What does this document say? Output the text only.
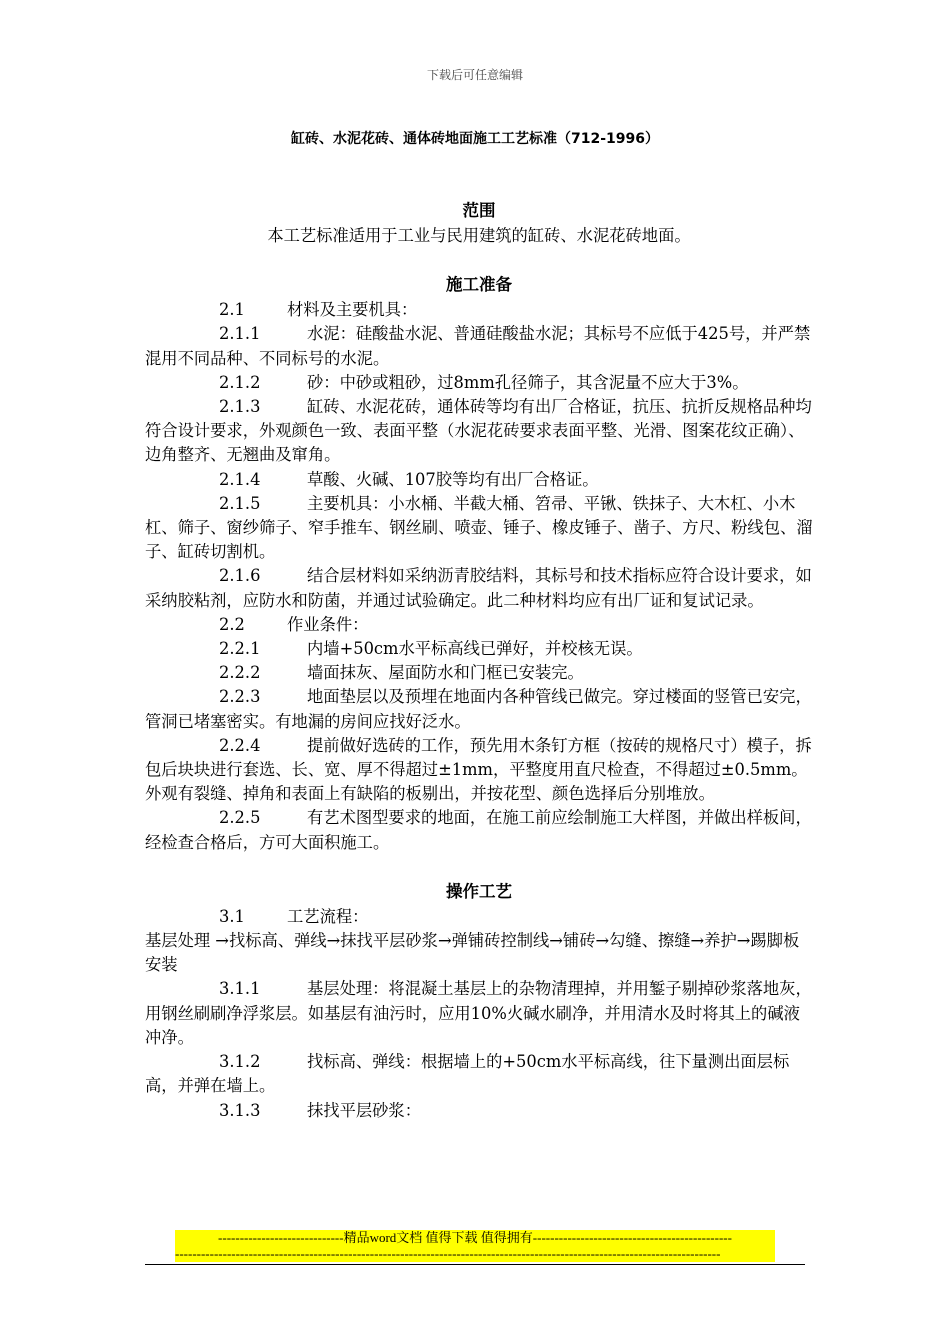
下载后可任意编辑
缸砖、水泥花砖、通体砖地面施工工艺标准（712-1996）
范围

本工艺标准适用于工业与民用建筑的缸砖、水泥花砖地面。

施工准备

2.1	材料及主要机具：

2.1.1	水泥：硅酸盐水泥、普通硅酸盐水泥；其标号不应低于425号，并严禁混用不同品种、不同标号的水泥。

2.1.2	砂：中砂或粗砂，过8mm孔径筛子，其含泥量不应大于3%。

2.1.3	缸砖、水泥花砖，通体砖等均有出厂合格证，抗压、抗折反规格品种均符合设计要求，外观颜色一致、表面平整（水泥花砖要求表面平整、光滑、图案花纹正确）、边角整齐、无翘曲及窜角。

2.1.4	草酸、火碱、107胶等均有出厂合格证。

2.1.5	主要机具：小水桶、半截大桶、笤帚、平锹、铁抹子、大木杠、小木杠、筛子、窗纱筛子、窄手推车、钢丝刷、喷壶、锤子、橡皮锤子、凿子、方尺、粉线包、溜子、缸砖切割机。

2.1.6	结合层材料如采纳沥青胶结料，其标号和技术指标应符合设计要求，如采纳胶粘剂，应防水和防菌，并通过试验确定。此二种材料均应有出厂证和复试记录。

2.2	作业条件：

2.2.1	内墙+50cm水平标高线已弹好，并校核无误。

2.2.2	墙面抹灰、屋面防水和门框已安装完。

2.2.3	地面垫层以及预埋在地面内各种管线已做完。穿过楼面的竖管已安完，管洞已堵塞密实。有地漏的房间应找好泛水。

2.2.4	提前做好选砖的工作，预先用木条钉方框（按砖的规格尺寸）模子，拆包后块块进行套选、长、宽、厚不得超过±1mm，平整度用直尺检查，不得超过±0.5mm。外观有裂缝、掉角和表面上有缺陷的板剔出，并按花型、颜色选择后分别堆放。

2.2.5	有艺术图型要求的地面，在施工前应绘制施工大样图，并做出样板间，经检查合格后，方可大面积施工。

操作工艺

3.1	工艺流程：

基层处理 →找标高、弹线→抹找平层砂浆→弹铺砖控制线→铺砖→勾缝、擦缝→养护→踢脚板安装

3.1.1	基层处理：将混凝土基层上的杂物清理掉，并用錾子剔掉砂浆落地灰，用钢丝刷刷净浮浆层。如基层有油污时，应用10%火碱水刷净，并用清水及时将其上的碱液冲净。

3.1.2	找标高、弹线：根据墙上的+50cm水平标高线，往下量测出面层标高，并弹在墙上。

3.1.3	抹找平层砂浆：

-----------------------------精品word文档 值得下载 值得拥有----------------------------------------------
------------------------------------------------------------------------------------------------------------------------------
